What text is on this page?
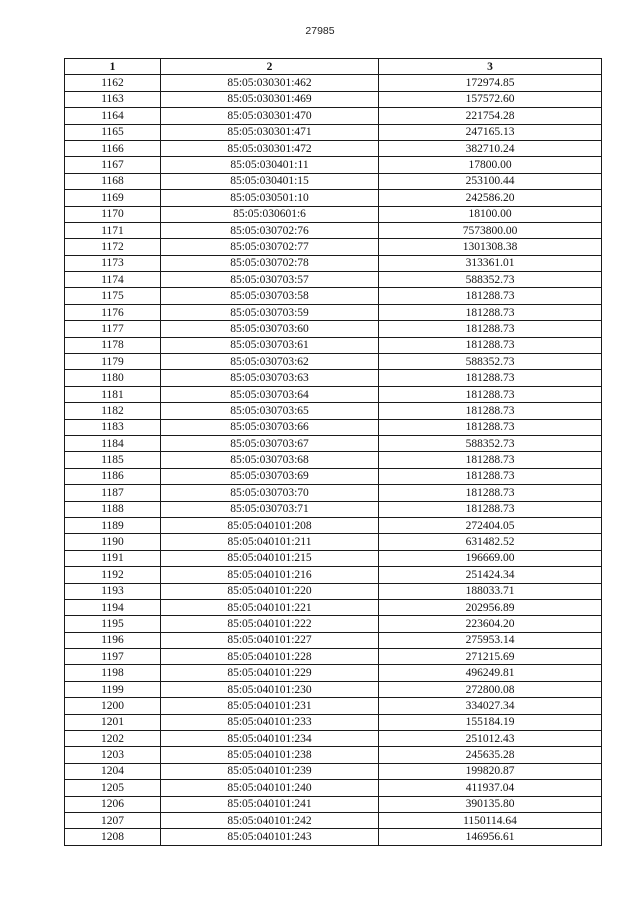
27985
1	2	3
1162	85:05:030301:462	172974.85
1163	85:05:030301:469	157572.60
1164	85:05:030301:470	221754.28
1165	85:05:030301:471	247165.13
1166	85:05:030301:472	382710.24
1167	85:05:030401:11	17800.00
1168	85:05:030401:15	253100.44
1169	85:05:030501:10	242586.20
1170	85:05:030601:6	18100.00
1171	85:05:030702:76	7573800.00
1172	85:05:030702:77	1301308.38
1173	85:05:030702:78	313361.01
1174	85:05:030703:57	588352.73
1175	85:05:030703:58	181288.73
1176	85:05:030703:59	181288.73
1177	85:05:030703:60	181288.73
1178	85:05:030703:61	181288.73
1179	85:05:030703:62	588352.73
1180	85:05:030703:63	181288.73
1181	85:05:030703:64	181288.73
1182	85:05:030703:65	181288.73
1183	85:05:030703:66	181288.73
1184	85:05:030703:67	588352.73
1185	85:05:030703:68	181288.73
1186	85:05:030703:69	181288.73
1187	85:05:030703:70	181288.73
1188	85:05:030703:71	181288.73
1189	85:05:040101:208	272404.05
1190	85:05:040101:211	631482.52
1191	85:05:040101:215	196669.00
1192	85:05:040101:216	251424.34
1193	85:05:040101:220	188033.71
1194	85:05:040101:221	202956.89
1195	85:05:040101:222	223604.20
1196	85:05:040101:227	275953.14
1197	85:05:040101:228	271215.69
1198	85:05:040101:229	496249.81
1199	85:05:040101:230	272800.08
1200	85:05:040101:231	334027.34
1201	85:05:040101:233	155184.19
1202	85:05:040101:234	251012.43
1203	85:05:040101:238	245635.28
1204	85:05:040101:239	199820.87
1205	85:05:040101:240	411937.04
1206	85:05:040101:241	390135.80
1207	85:05:040101:242	1150114.64
1208	85:05:040101:243	146956.61
